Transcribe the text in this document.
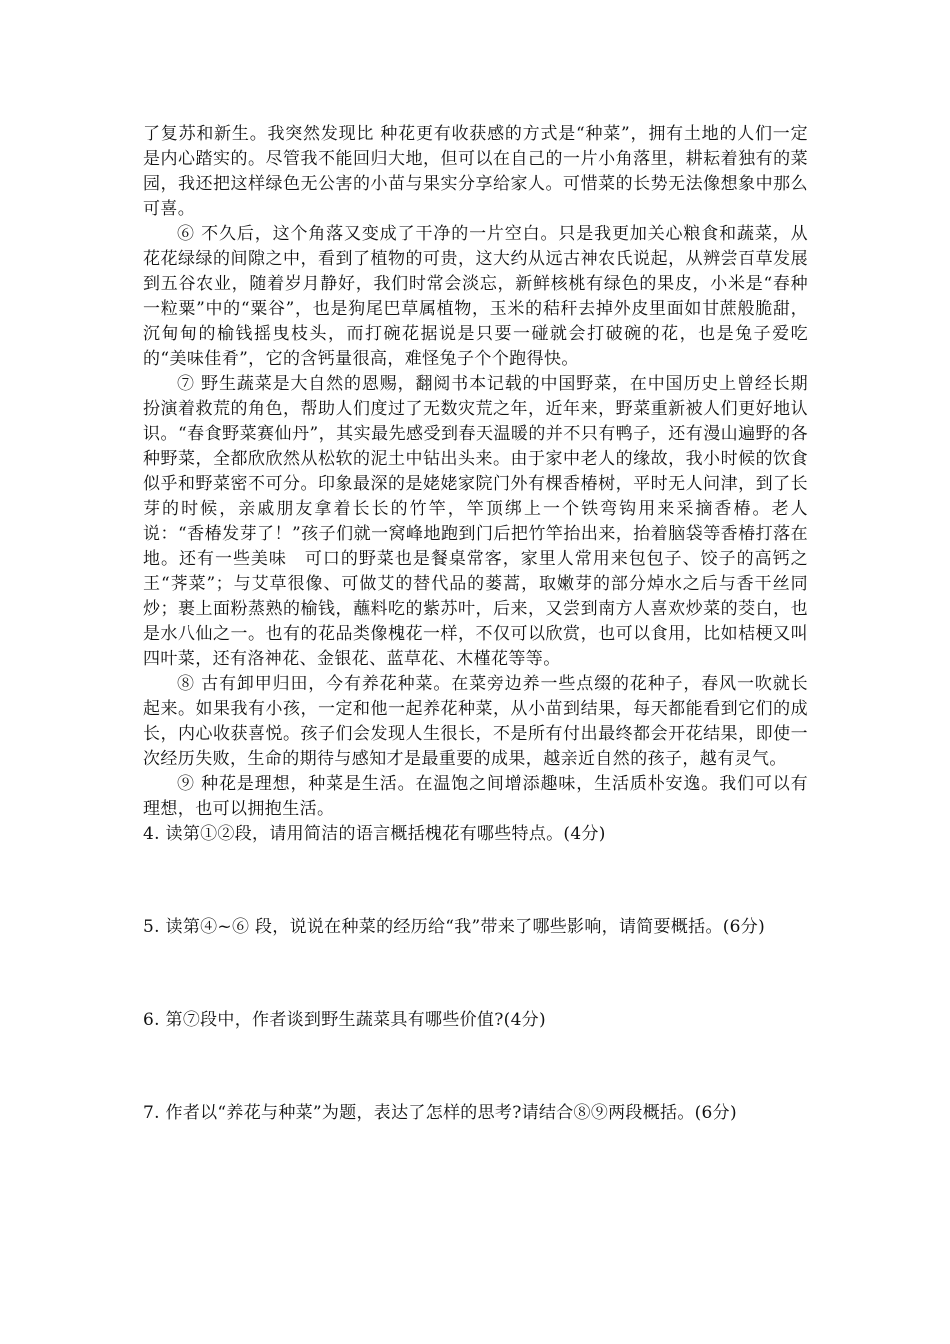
了复苏和新生。我突然发现比 种花更有收获感的方式是“种菜”，拥有土地的人们一定是内心踏实的。尽管我不能回归大地，但可以在自己的一片小角落里，耕耘着独有的菜园，我还把这样绿色无公害的小苗与果实分享给家人。可惜菜的长势无法像想象中那么可喜。

⑥ 不久后，这个角落又变成了干净的一片空白。只是我更加关心粮食和蔬菜，从花花绿绿的间隙之中，看到了植物的可贵，这大约从远古神农氏说起，从辨尝百草发展到五谷农业，随着岁月静好，我们时常会淡忘，新鲜核桃有绿色的果皮，小米是“春种一粒粟”中的“粟谷”，也是狗尾巴草属植物，玉米的秸秆去掉外皮里面如甘蔗般脆甜，沉甸甸的榆钱摇曳枝头，而打碗花据说是只要一碰就会打破碗的花，也是兔子爱吃的“美味佳肴”，它的含钙量很高，难怪兔子个个跑得快。

⑦ 野生蔬菜是大自然的恩赐，翻阅书本记载的中国野菜，在中国历史上曾经长期扮演着救荒的角色，帮助人们度过了无数灾荒之年，近年来，野菜重新被人们更好地认识。“春食野菜赛仙丹”，其实最先感受到春天温暖的并不只有鸭子，还有漫山遍野的各种野菜，全都欣欣然从松软的泥土中钻出头来。由于家中老人的缘故，我小时候的饮食似乎和野菜密不可分。印象最深的是姥姥家院门外有棵香椿树，平时无人问津，到了长芽的时候，亲戚朋友拿着长长的竹竿，竿顶绑上一个铁弯钩用来采摘香椿。老人说：“香椿发芽了！”孩子们就一窝峰地跑到门后把竹竿抬出来，抬着脑袋等香椿打落在地。还有一些美味　可口的野菜也是餐桌常客，家里人常用来包包子、饺子的高钙之王“荠菜”；与艾草很像、可做艾的替代品的蒌蒿，取嫩芽的部分焯水之后与香干丝同炒；裹上面粉蒸熟的榆钱，蘸料吃的紫苏叶，后来，又尝到南方人喜欢炒菜的茭白，也是水八仙之一。也有的花品类像槐花一样，不仅可以欣赏，也可以食用，比如桔梗又叫四叶菜，还有洛神花、金银花、蓝草花、木槿花等等。

⑧ 古有卸甲归田，今有养花种菜。在菜旁边养一些点缀的花种子，春风一吹就长起来。如果我有小孩，一定和他一起养花种菜，从小苗到结果，每天都能看到它们的成长，内心收获喜悦。孩子们会发现人生很长，不是所有付出最终都会开花结果，即使一次经历失败，生命的期待与感知才是最重要的成果，越亲近自然的孩子，越有灵气。

⑨ 种花是理想，种菜是生活。在温饱之间增添趣味，生活质朴安逸。我们可以有理想，也可以拥抱生活。

4. 读第①②段，请用简洁的语言概括槐花有哪些特点。(4分)

5. 读第④~⑥ 段，说说在种菜的经历给“我”带来了哪些影响，请简要概括。(6分)

6. 第⑦段中，作者谈到野生蔬菜具有哪些价值?(4分)

7. 作者以“养花与种菜”为题，表达了怎样的思考?请结合⑧⑨两段概括。(6分)
